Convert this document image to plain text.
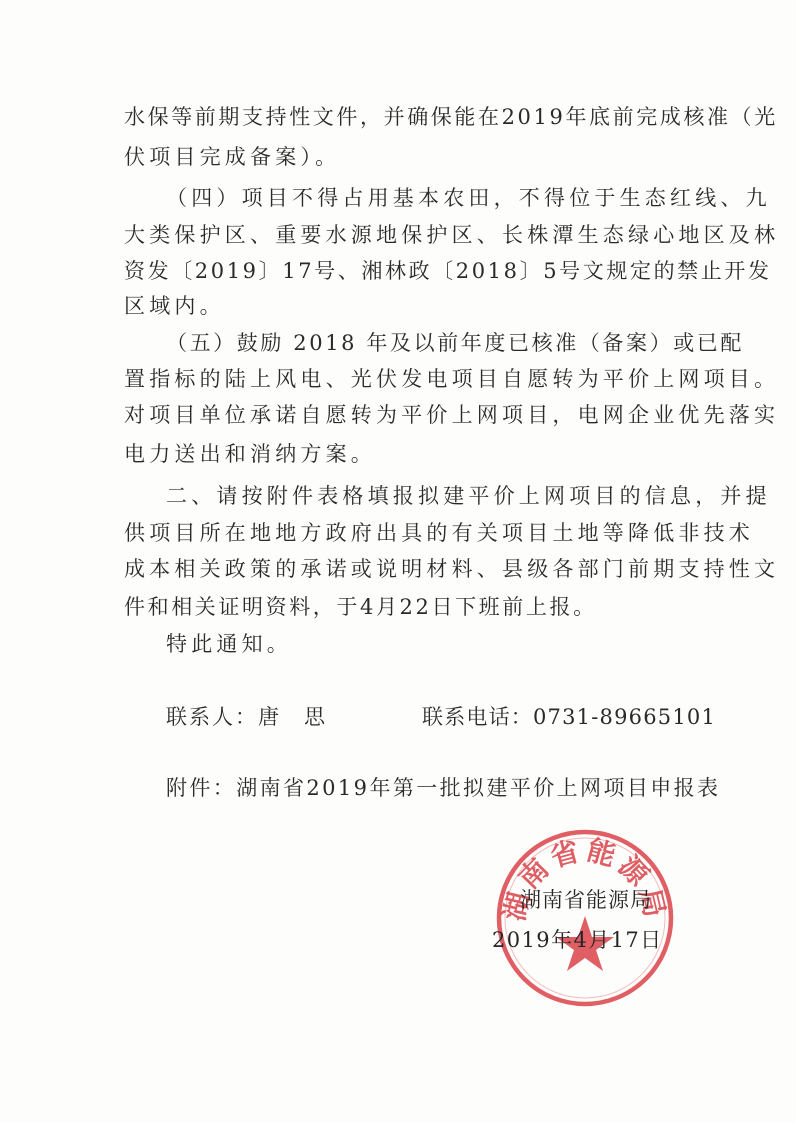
水保等前期支持性文件，并确保能在2019年底前完成核准（光
伏项目完成备案）。
（四）项目不得占用基本农田，不得位于生态红线、九
大类保护区、重要水源地保护区、长株潭生态绿心地区及林
资发〔2019〕17号、湘林政〔2018〕5号文规定的禁止开发
区域内。
（五）鼓励 2018 年及以前年度已核准（备案）或已配
置指标的陆上风电、光伏发电项目自愿转为平价上网项目。
对项目单位承诺自愿转为平价上网项目，电网企业优先落实
电力送出和消纳方案。
二、请按附件表格填报拟建平价上网项目的信息，并提
供项目所在地地方政府出具的有关项目土地等降低非技术
成本相关政策的承诺或说明材料、县级各部门前期支持性文
件和相关证明资料，于4月22日下班前上报。
特此通知。
联系人：唐　思	联系电话：0731-89665101
附件：湖南省2019年第一批拟建平价上网项目申报表
湖南省能源局
湖南省能源局
2019年4月17日
